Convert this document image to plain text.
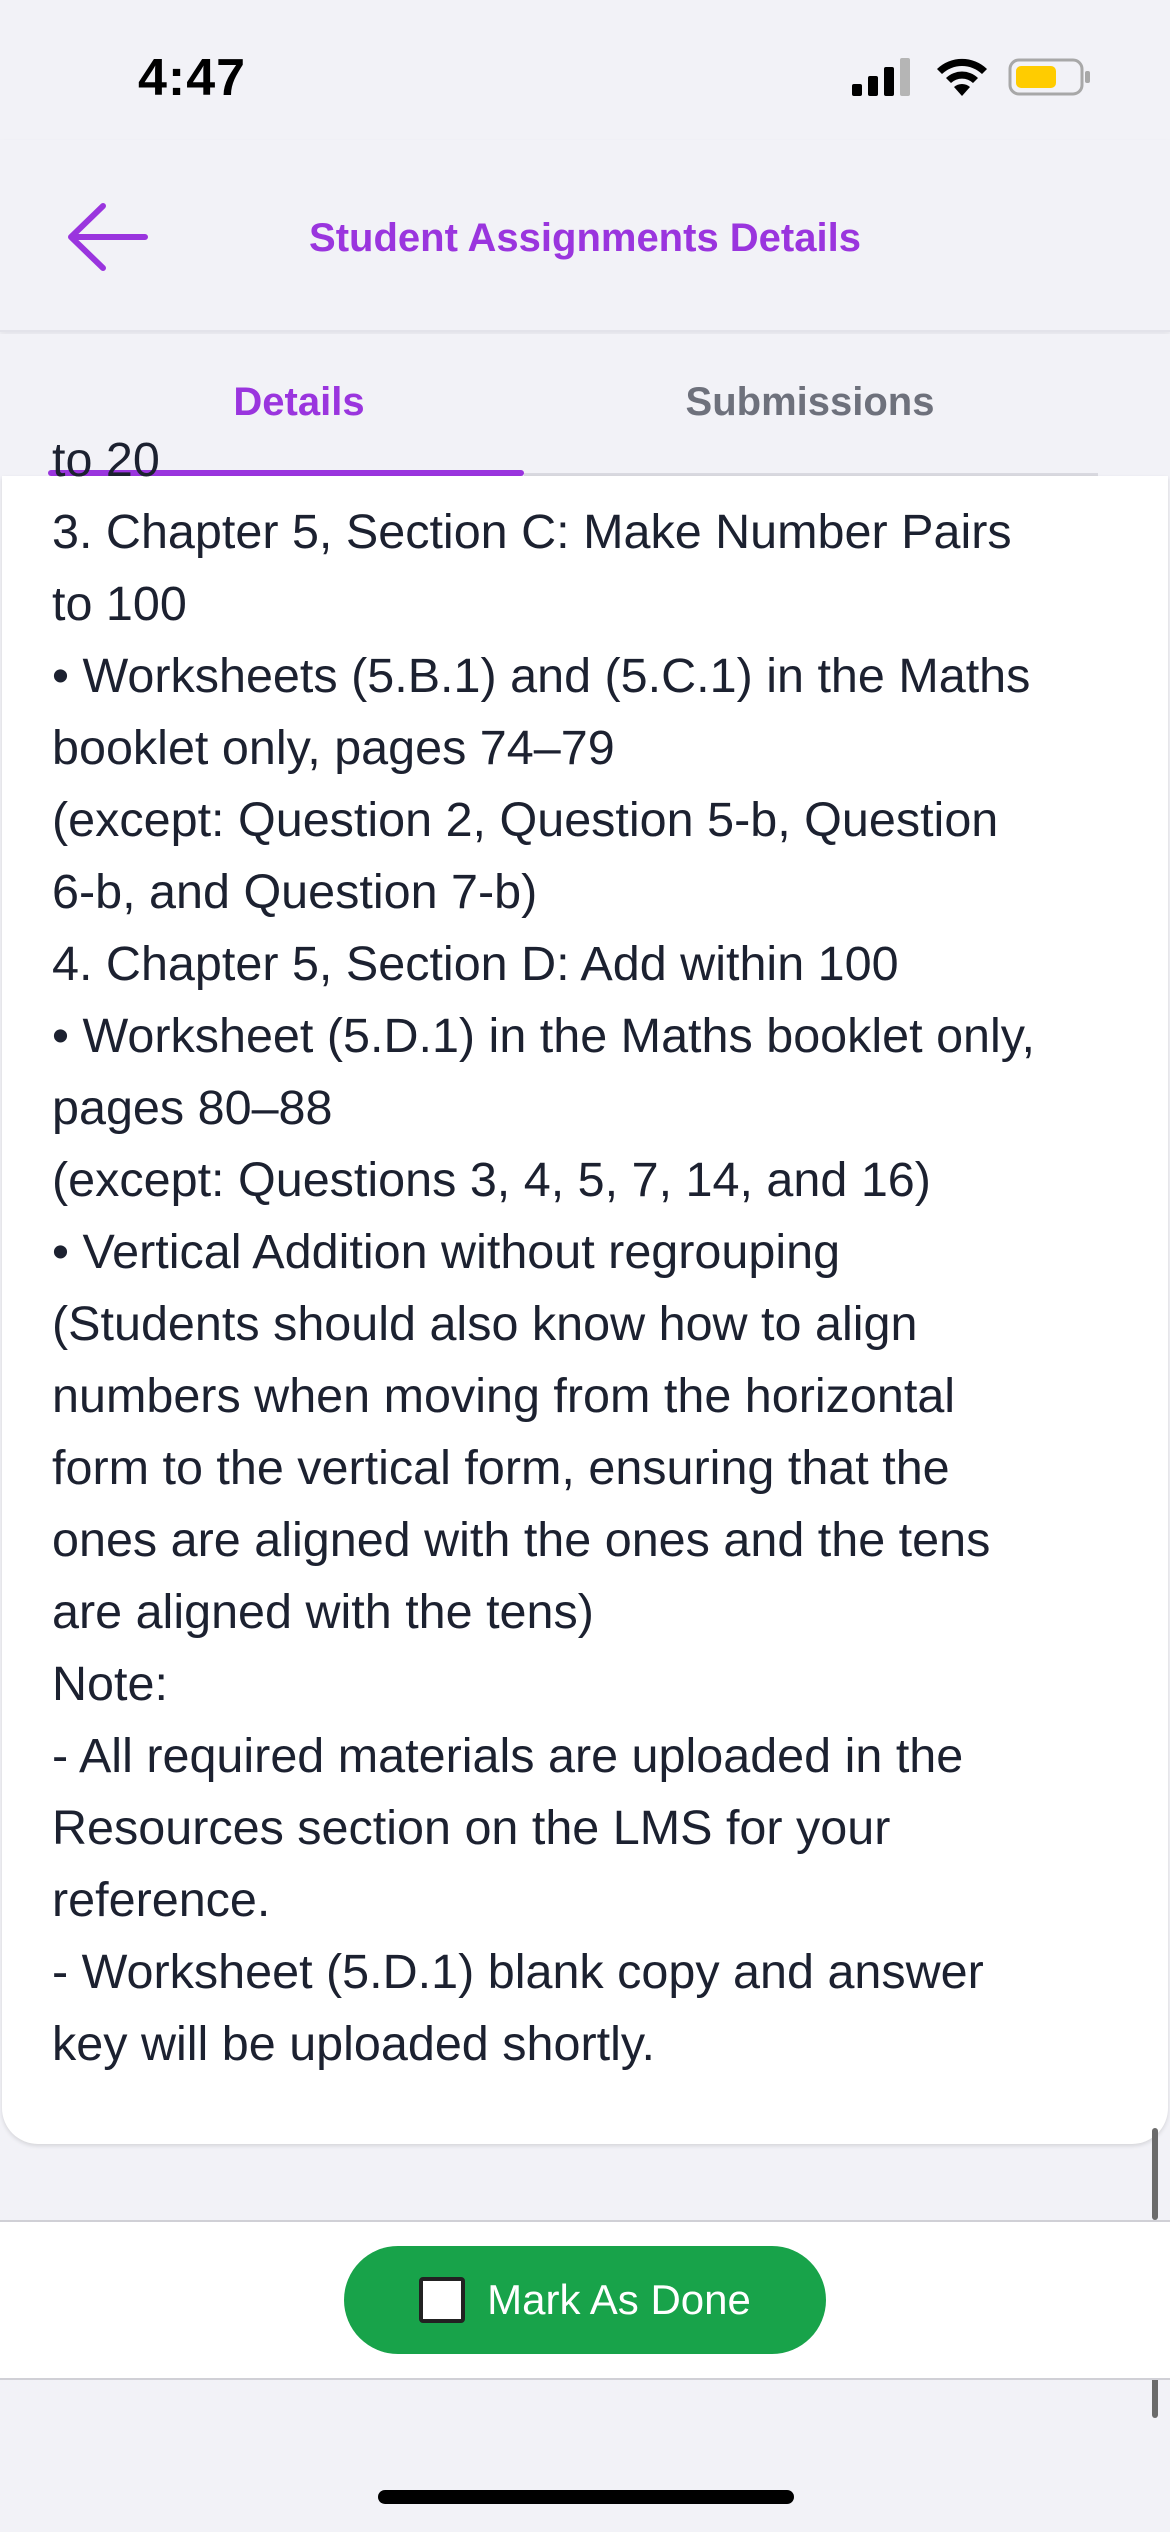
4:47
Student Assignments Details
Details	Submissions
to 20
3. Chapter 5, Section C: Make Number Pairs
to 100
• Worksheets (5.B.1) and (5.C.1) in the Maths
booklet only, pages 74–79
(except: Question 2, Question 5-b, Question
6-b, and Question 7-b)
4. Chapter 5, Section D: Add within 100
• Worksheet (5.D.1) in the Maths booklet only,
pages 80–88
(except: Questions 3, 4, 5, 7, 14, and 16)
• Vertical Addition without regrouping
(Students should also know how to align
numbers when moving from the horizontal
form to the vertical form, ensuring that the
ones are aligned with the ones and the tens
are aligned with the tens)
Note:
- All required materials are uploaded in the
Resources section on the LMS for your
reference.
- Worksheet (5.D.1) blank copy and answer
key will be uploaded shortly.
Mark As Done
